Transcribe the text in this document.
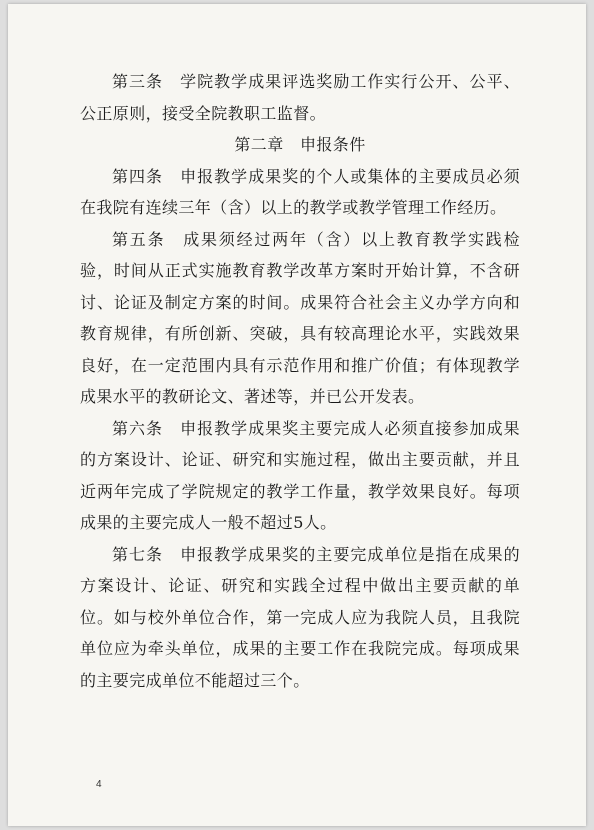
第三条　学院教学成果评选奖励工作实行公开、公平、公正原则，接受全院教职工监督。

第二章　申报条件

第四条　申报教学成果奖的个人或集体的主要成员必须在我院有连续三年（含）以上的教学或教学管理工作经历。

第五条　成果须经过两年（含）以上教育教学实践检验，时间从正式实施教育教学改革方案时开始计算，不含研讨、论证及制定方案的时间。成果符合社会主义办学方向和教育规律，有所创新、突破，具有较高理论水平，实践效果良好，在一定范围内具有示范作用和推广价值；有体现教学成果水平的教研论文、著述等，并已公开发表。

第六条　申报教学成果奖主要完成人必须直接参加成果的方案设计、论证、研究和实施过程，做出主要贡献，并且近两年完成了学院规定的教学工作量，教学效果良好。每项成果的主要完成人一般不超过5人。

第七条　申报教学成果奖的主要完成单位是指在成果的方案设计、论证、研究和实践全过程中做出主要贡献的单位。如与校外单位合作，第一完成人应为我院人员，且我院单位应为牵头单位，成果的主要工作在我院完成。每项成果的主要完成单位不能超过三个。

4
